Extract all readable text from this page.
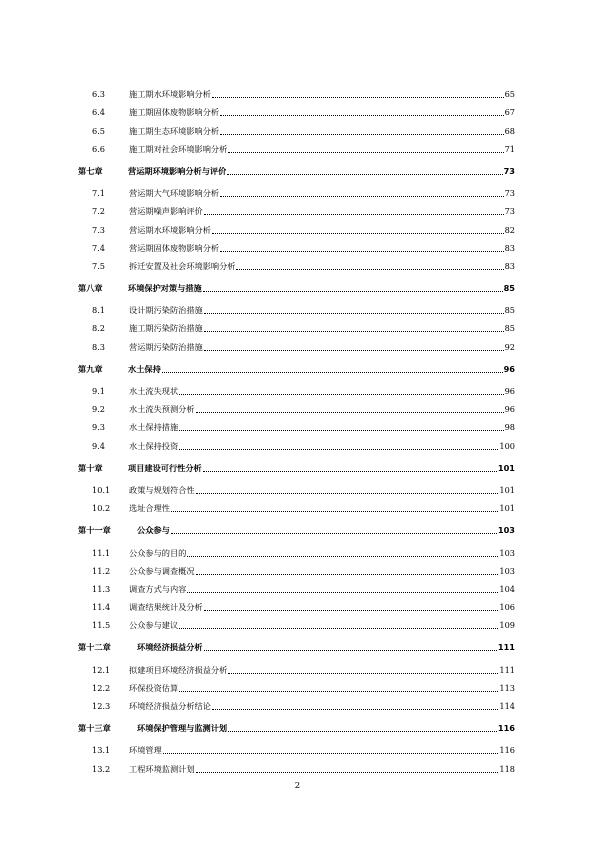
6.3	施工期水环境影响分析	65
6.4	施工期固体废物影响分析	67
6.5	施工期生态环境影响分析	68
6.6	施工期对社会环境影响分析	71
第七章	营运期环境影响分析与评价	73
7.1	营运期大气环境影响分析	73
7.2	营运期噪声影响评价	73
7.3	营运期水环境影响分析	82
7.4	营运期固体废物影响分析	83
7.5	拆迁安置及社会环境影响分析	83
第八章	环境保护对策与措施	85
8.1	设计期污染防治措施	85
8.2	施工期污染防治措施	85
8.3	营运期污染防治措施	92
第九章	水土保持	96
9.1	水土流失现状	96
9.2	水土流失预测分析	96
9.3	水土保持措施	98
9.4	水土保持投资	100
第十章	项目建设可行性分析	101
10.1	政策与规划符合性	101
10.2	选址合理性	101
第十一章	公众参与	103
11.1	公众参与的目的	103
11.2	公众参与调查概况	103
11.3	调查方式与内容	104
11.4	调查结果统计及分析	106
11.5	公众参与建议	109
第十二章	环境经济损益分析	111
12.1	拟建项目环境经济损益分析	111
12.2	环保投资估算	113
12.3	环境经济损益分析结论	114
第十三章	环境保护管理与监测计划	116
13.1	环境管理	116
13.2	工程环境监测计划	118
2
